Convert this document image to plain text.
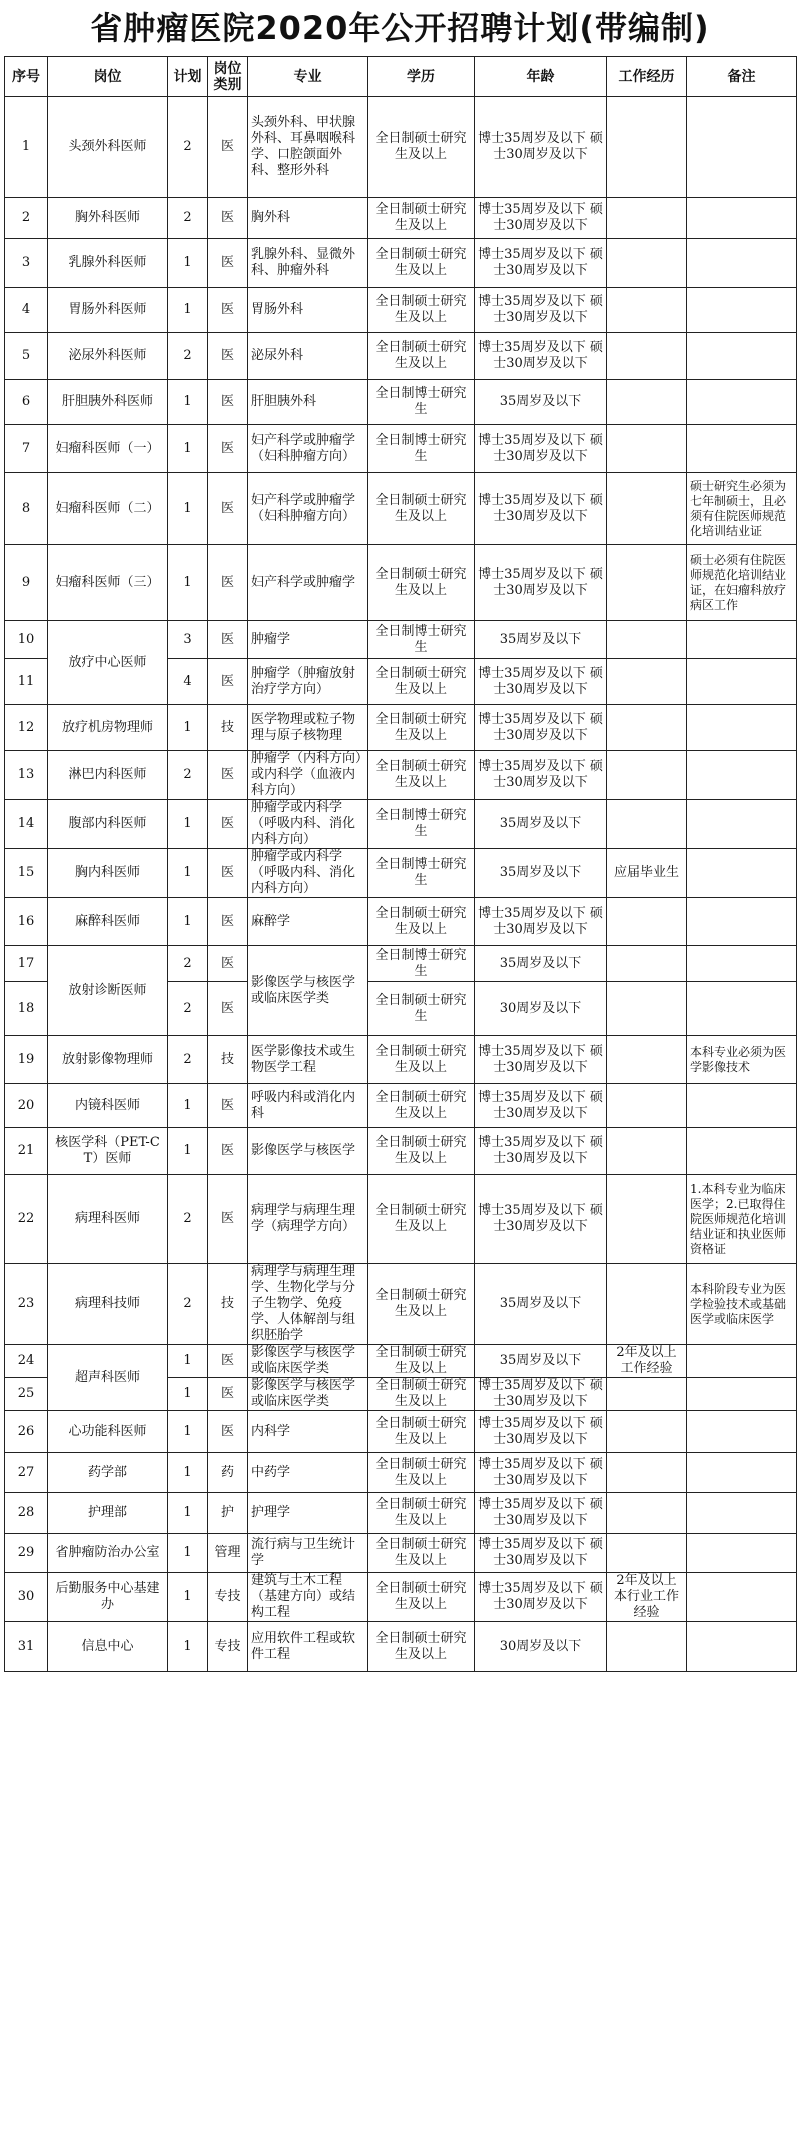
省肿瘤医院2020年公开招聘计划(带编制)
序号	岗位	计划	岗位类别	专业	学历	年龄	工作经历	备注
1	头颈外科医师	2	医	头颈外科、甲状腺外科、耳鼻咽喉科学、口腔颌面外科、整形外科	全日制硕士研究生及以上	博士35周岁及以下 硕士30周岁及以下		
2	胸外科医师	2	医	胸外科	全日制硕士研究生及以上	博士35周岁及以下 硕士30周岁及以下		
3	乳腺外科医师	1	医	乳腺外科、显微外科、肿瘤外科	全日制硕士研究生及以上	博士35周岁及以下 硕士30周岁及以下		
4	胃肠外科医师	1	医	胃肠外科	全日制硕士研究生及以上	博士35周岁及以下 硕士30周岁及以下		
5	泌尿外科医师	2	医	泌尿外科	全日制硕士研究生及以上	博士35周岁及以下 硕士30周岁及以下		
6	肝胆胰外科医师	1	医	肝胆胰外科	全日制博士研究生	35周岁及以下		
7	妇瘤科医师（一）	1	医	妇产科学或肿瘤学（妇科肿瘤方向）	全日制博士研究生	博士35周岁及以下 硕士30周岁及以下		
8	妇瘤科医师（二）	1	医	妇产科学或肿瘤学（妇科肿瘤方向）	全日制硕士研究生及以上	博士35周岁及以下 硕士30周岁及以下		硕士研究生必须为七年制硕士，且必须有住院医师规范化培训结业证
9	妇瘤科医师（三）	1	医	妇产科学或肿瘤学	全日制硕士研究生及以上	博士35周岁及以下 硕士30周岁及以下		硕士必须有住院医师规范化培训结业证，在妇瘤科放疗病区工作
10	放疗中心医师	3	医	肿瘤学	全日制博士研究生	35周岁及以下		
11		4	医	肿瘤学（肿瘤放射治疗学方向）	全日制硕士研究生及以上	博士35周岁及以下 硕士30周岁及以下		
12	放疗机房物理师	1	技	医学物理或粒子物理与原子核物理	全日制硕士研究生及以上	博士35周岁及以下 硕士30周岁及以下		
13	淋巴内科医师	2	医	肿瘤学（内科方向）或内科学（血液内科方向）	全日制硕士研究生及以上	博士35周岁及以下 硕士30周岁及以下		
14	腹部内科医师	1	医	肿瘤学或内科学（呼吸内科、消化内科方向）	全日制博士研究生	35周岁及以下		
15	胸内科医师	1	医	肿瘤学或内科学（呼吸内科、消化内科方向）	全日制博士研究生	35周岁及以下	应届毕业生	
16	麻醉科医师	1	医	麻醉学	全日制硕士研究生及以上	博士35周岁及以下 硕士30周岁及以下		
17	放射诊断医师	2	医	影像医学与核医学或临床医学类	全日制博士研究生	35周岁及以下		
18		2	医		全日制硕士研究生	30周岁及以下		
19	放射影像物理师	2	技	医学影像技术或生物医学工程	全日制硕士研究生及以上	博士35周岁及以下 硕士30周岁及以下		本科专业必须为医学影像技术
20	内镜科医师	1	医	呼吸内科或消化内科	全日制硕士研究生及以上	博士35周岁及以下 硕士30周岁及以下		
21	核医学科（PET-CT）医师	1	医	影像医学与核医学	全日制硕士研究生及以上	博士35周岁及以下 硕士30周岁及以下		
22	病理科医师	2	医	病理学与病理生理学（病理学方向）	全日制硕士研究生及以上	博士35周岁及以下 硕士30周岁及以下		1.本科专业为临床医学；2.已取得住院医师规范化培训结业证和执业医师资格证
23	病理科技师	2	技	病理学与病理生理学、生物化学与分子生物学、免疫学、人体解剖与组织胚胎学	全日制硕士研究生及以上	35周岁及以下		本科阶段专业为医学检验技术或基础医学或临床医学
24	超声科医师	1	医	影像医学与核医学或临床医学类	全日制硕士研究生及以上	35周岁及以下	2年及以上工作经验	
25		1	医	影像医学与核医学或临床医学类	全日制硕士研究生及以上	博士35周岁及以下 硕士30周岁及以下		
26	心功能科医师	1	医	内科学	全日制硕士研究生及以上	博士35周岁及以下 硕士30周岁及以下		
27	药学部	1	药	中药学	全日制硕士研究生及以上	博士35周岁及以下 硕士30周岁及以下		
28	护理部	1	护	护理学	全日制硕士研究生及以上	博士35周岁及以下 硕士30周岁及以下		
29	省肿瘤防治办公室	1	管理	流行病与卫生统计学	全日制硕士研究生及以上	博士35周岁及以下 硕士30周岁及以下		
30	后勤服务中心基建办	1	专技	建筑与土木工程（基建方向）或结构工程	全日制硕士研究生及以上	博士35周岁及以下 硕士30周岁及以下	2年及以上本行业工作经验	
31	信息中心	1	专技	应用软件工程或软件工程	全日制硕士研究生及以上	30周岁及以下		
